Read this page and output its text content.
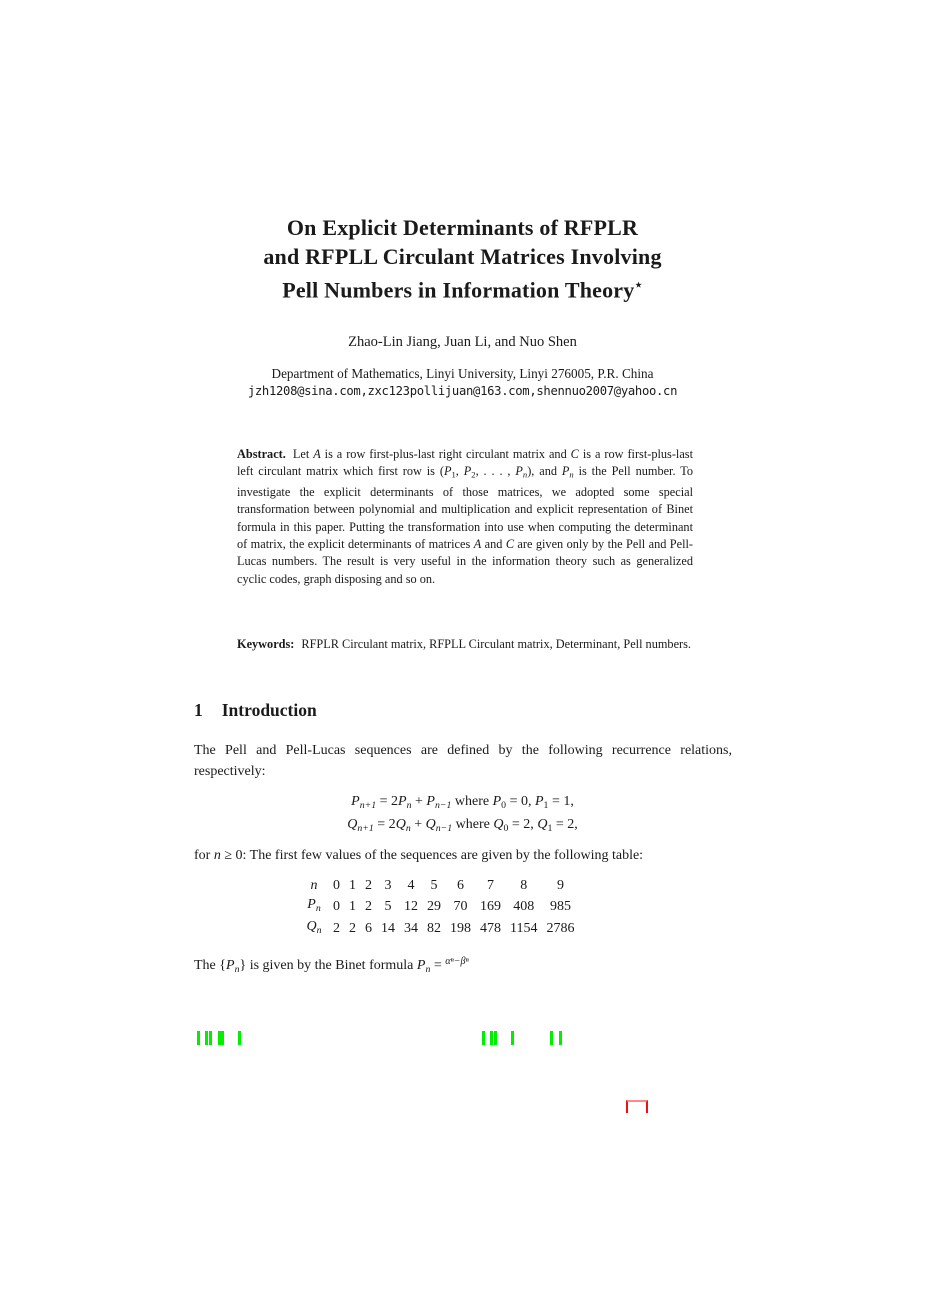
On Explicit Determinants of RFPLR
and RFPLL Circulant Matrices Involving
Pell Numbers in Information Theory⋆
Zhao-Lin Jiang, Juan Li, and Nuo Shen
Department of Mathematics, Linyi University, Linyi 276005, P.R. China
jzh1208@sina.com,zxc123pollijuan@163.com,shennuo2007@yahoo.cn
Abstract. Let A is a row first-plus-last right circulant matrix and C is a row first-plus-last left circulant matrix which first row is ($P_1$, $P_2$, . . . , $P_n$), and $P_n$ is the Pell number. To investigate the explicit determinants of those matrices, we adopted some special transformation between polynomial and multiplication and explicit representation of Binet formula in this paper. Putting the transformation into use when computing the determinant of matrix, the explicit determinants of matrices A and C are given only by the Pell and Pell-Lucas numbers. The result is very useful in the information theory such as generalized cyclic codes, graph disposing and so on.
Keywords: RFPLR Circulant matrix, RFPLL Circulant matrix, Determinant, Pell numbers.
1 Introduction
The Pell and Pell-Lucas sequences are defined by the following recurrence relations, respectively:
$P_{n+1} = 2P_n + P_{n-1}$ where $P_0 = 0$, $P_1 = 1$,
$Q_{n+1} = 2Q_n + Q_{n-1}$ where $Q_0 = 2$, $Q_1 = 2$,
for n ≥ 0: The first few values of the sequences are given by the following table:
n	0	1	2	3	4	5	6	7	8	9
$P_n$	0	1	2	5	12	29	70	169	408	985
$Q_n$	2	2	6	14	34	82	198	478	1154	2786
The $\{P_n\}$ is given by the Binet formula $P_n = ^{\alpha^n-\beta^n}$
